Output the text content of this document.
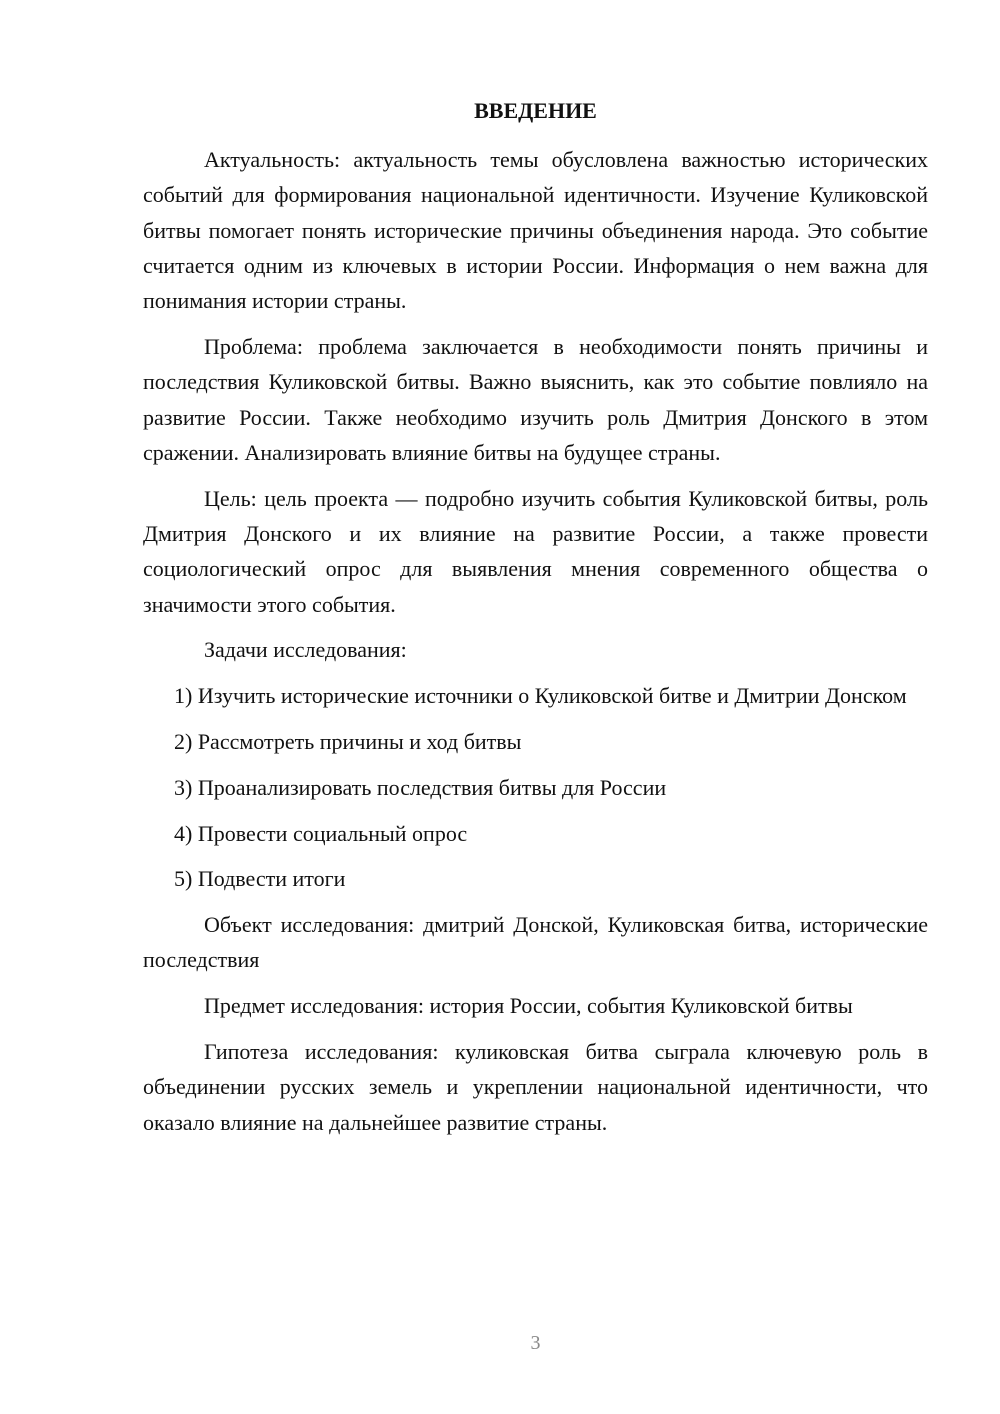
ВВЕДЕНИЕ

Актуальность: актуальность темы обусловлена важностью исторических событий для формирования национальной идентичности. Изучение Куликовской битвы помогает понять исторические причины объединения народа. Это событие считается одним из ключевых в истории России. Информация о нем важна для понимания истории страны.

Проблема: проблема заключается в необходимости понять причины и последствия Куликовской битвы. Важно выяснить, как это событие повлияло на развитие России. Также необходимо изучить роль Дмитрия Донского в этом сражении. Анализировать влияние битвы на будущее страны.

Цель: цель проекта — подробно изучить события Куликовской битвы, роль Дмитрия Донского и их влияние на развитие России, а также провести социологический опрос для выявления мнения современного общества о значимости этого события.

Задачи исследования:

1) Изучить исторические источники о Куликовской битве и Дмитрии Донском

2) Рассмотреть причины и ход битвы

3) Проанализировать последствия битвы для России

4) Провести социальный опрос

5) Подвести итоги

Объект исследования: дмитрий Донской, Куликовская битва, исторические последствия

Предмет исследования: история России, события Куликовской битвы

Гипотеза исследования: куликовская битва сыграла ключевую роль в объединении русских земель и укреплении национальной идентичности, что оказало влияние на дальнейшее развитие страны.

3
